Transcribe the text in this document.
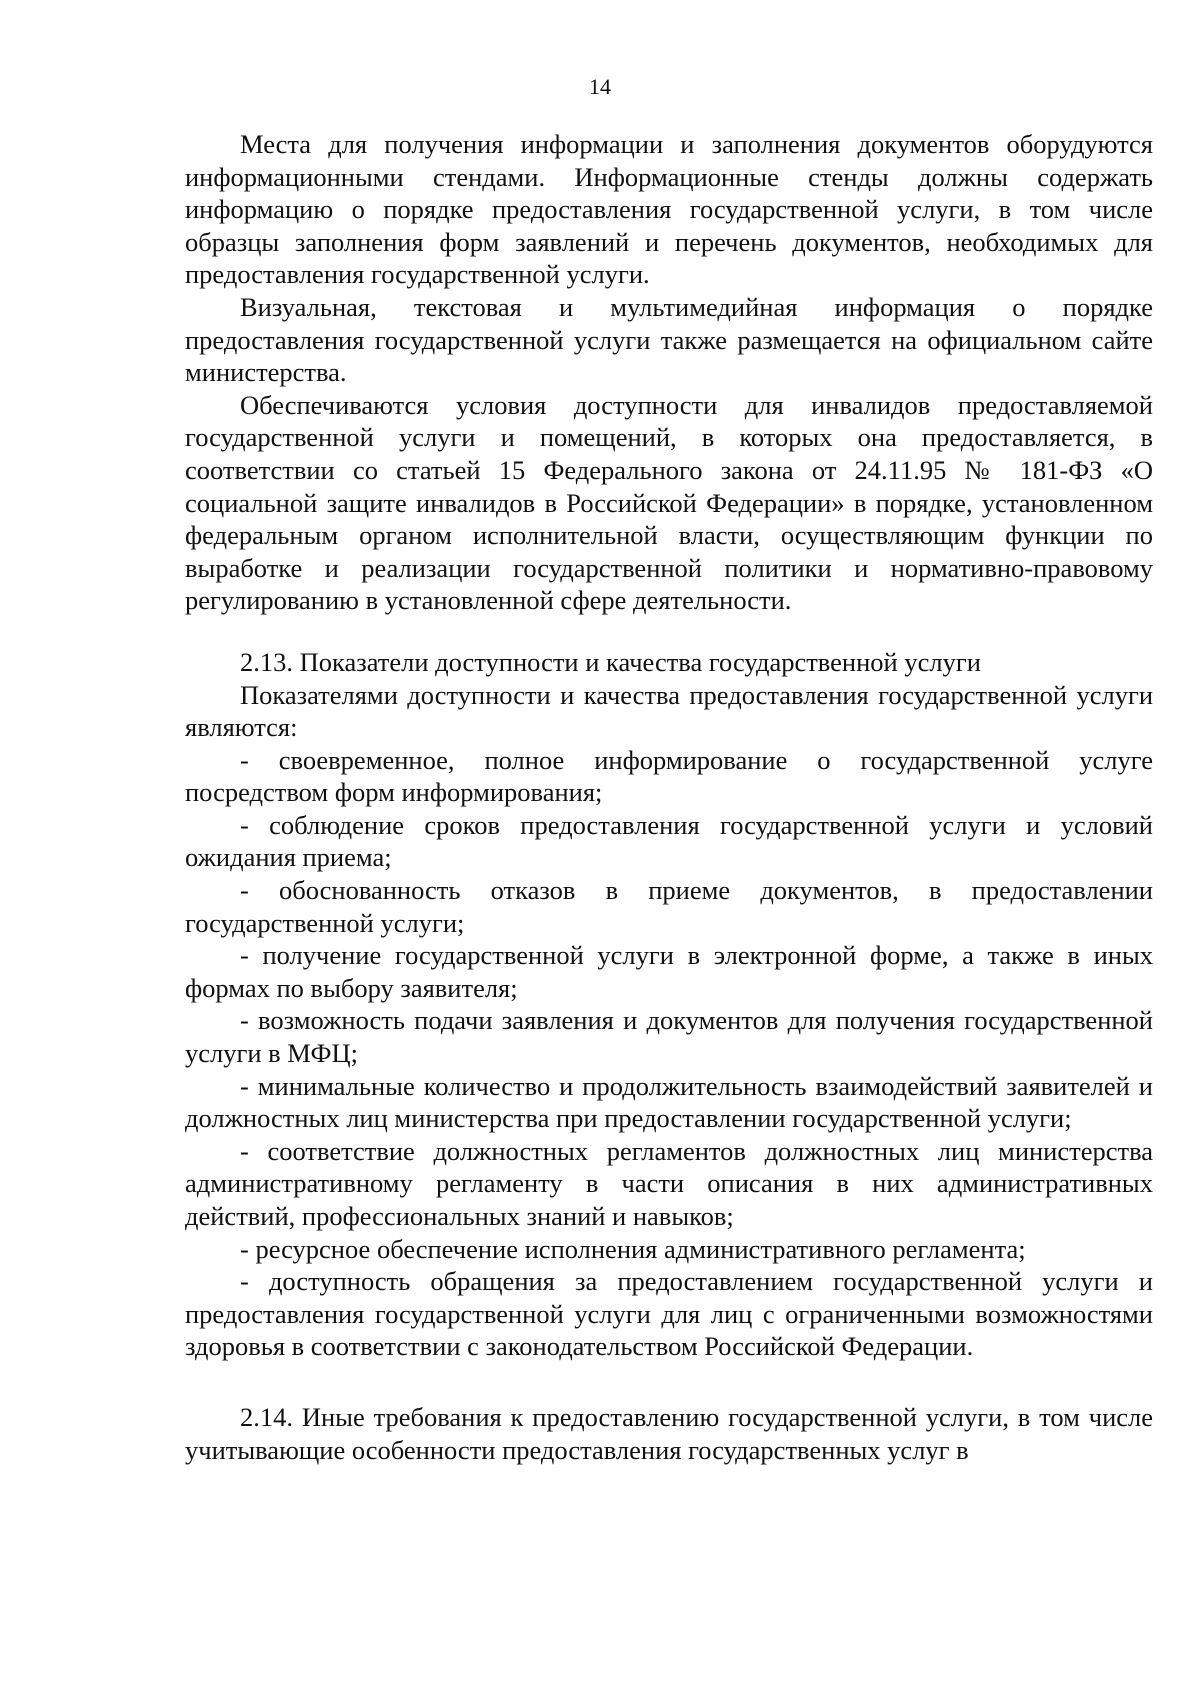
14

Места для получения информации и заполнения документов оборудуются информационными стендами. Информационные стенды должны содержать информацию о порядке предоставления государственной услуги, в том числе образцы заполнения форм заявлений и перечень документов, необходимых для предоставления государственной услуги.

Визуальная, текстовая и мультимедийная информация о порядке предоставления государственной услуги также размещается на официальном сайте министерства.

Обеспечиваются условия доступности для инвалидов предоставляемой государственной услуги и помещений, в которых она предоставляется, в соответствии со статьей 15 Федерального закона от 24.11.95 № 181-ФЗ «О социальной защите инвалидов в Российской Федерации» в порядке, установленном федеральным органом исполнительной власти, осуществляющим функции по выработке и реализации государственной политики и нормативно-правовому регулированию в установленной сфере деятельности.

2.13. Показатели доступности и качества государственной услуги

Показателями доступности и качества предоставления государственной услуги являются:

- своевременное, полное информирование о государственной услуге посредством форм информирования;

- соблюдение сроков предоставления государственной услуги и условий ожидания приема;

- обоснованность отказов в приеме документов, в предоставлении государственной услуги;

- получение государственной услуги в электронной форме, а также в иных формах по выбору заявителя;

- возможность подачи заявления и документов для получения государственной услуги в МФЦ;

- минимальные количество и продолжительность взаимодействий заявителей и должностных лиц министерства при предоставлении государственной услуги;

- соответствие должностных регламентов должностных лиц министерства административному регламенту в части описания в них административных действий, профессиональных знаний и навыков;

- ресурсное обеспечение исполнения административного регламента;

- доступность обращения за предоставлением государственной услуги и предоставления государственной услуги для лиц с ограниченными возможностями здоровья в соответствии с законодательством Российской Федерации.

2.14. Иные требования к предоставлению государственной услуги, в том числе учитывающие особенности предоставления государственных услуг в
